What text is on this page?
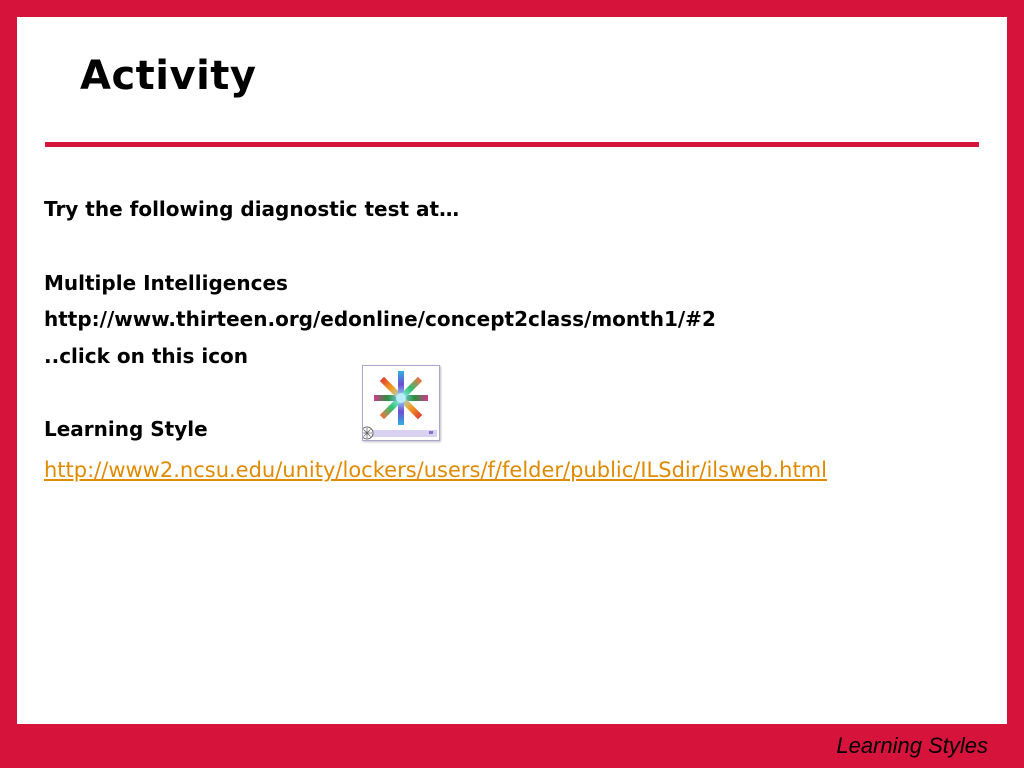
Activity
Try the following diagnostic test at…
Multiple Intelligences
http://www.thirteen.org/edonline/concept2class/month1/#2
..click on this icon
Learning Style
http://www2.ncsu.edu/unity/lockers/users/f/felder/public/ILSdir/ilsweb.html
Learning Styles
